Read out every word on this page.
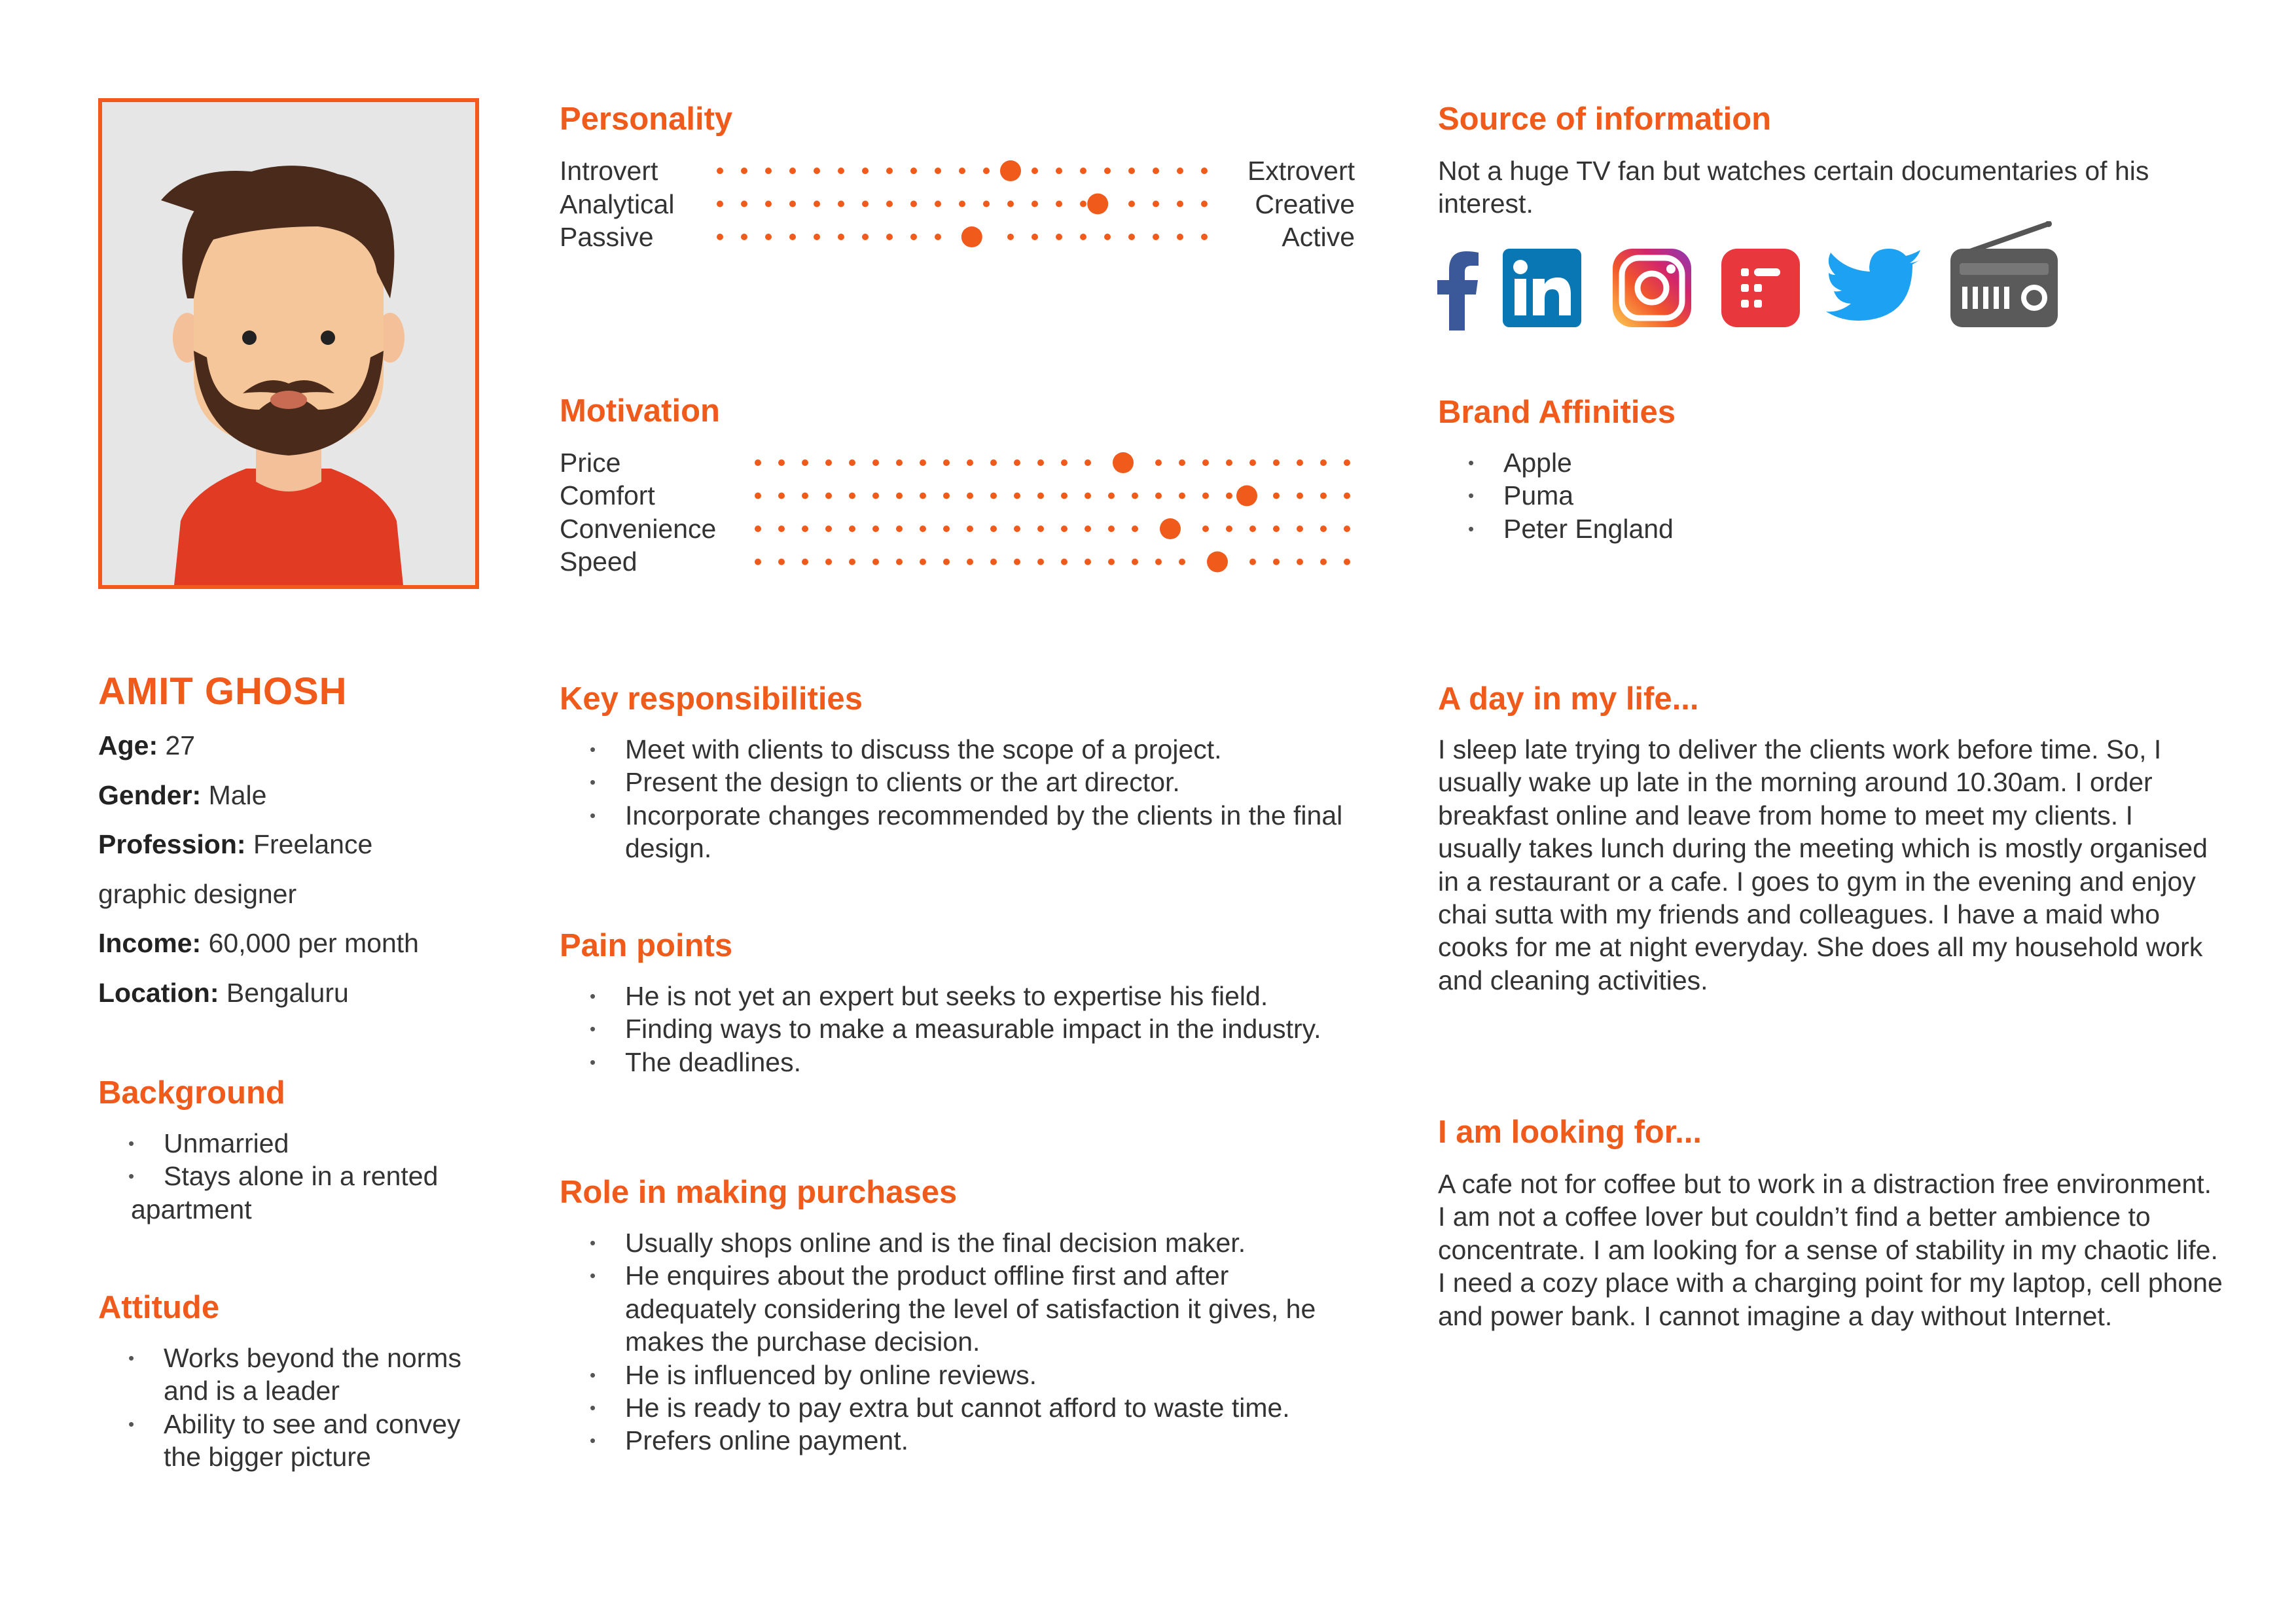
AMIT GHOSH
Age: 27
Gender: Male
Profession: Freelance
graphic designer
Income: 60,000 per month
Location: Bengaluru
Background
• Unmarried
• Stays alone in a rented
apartment
Attitude
• Works beyond the norms and is a leader
• Ability to see and convey the bigger picture
Personality
Introvert
Analytical
Passive
Extrovert
Creative
Active
Motivation
Price
Comfort
Convenience
Speed
Key responsibilities
• Meet with clients to discuss the scope of a project.
• Present the design to clients or the art director.
• Incorporate changes recommended by the clients in the final design.
Pain points
• He is not yet an expert but seeks to expertise his field.
• Finding ways to make a measurable impact in the industry.
• The deadlines.
Role in making purchases
• Usually shops online and is the final decision maker.
• He enquires about the product offline first and after adequately considering the level of satisfaction it gives, he makes the purchase decision.
• He is influenced by online reviews.
• He is ready to pay extra but cannot afford to waste time.
• Prefers online payment.
Source of information
Not a huge TV fan but watches certain documentaries of his interest.
Brand Affinities
• Apple
• Puma
• Peter England
A day in my life...
I sleep late trying to deliver the clients work before time. So, I usually wake up late in the morning around 10.30am. I order breakfast online and leave from home to meet my clients. I usually takes lunch during the meeting which is mostly organised in a restaurant or a cafe. I goes to gym in the evening and enjoy chai sutta with my friends and colleagues. I have a maid who cooks for me at night everyday. She does all my household work and cleaning activities.
I am looking for...
A cafe not for coffee but to work in a distraction free environment. I am not a coffee lover but couldn’t find a better ambience to concentrate. I am looking for a sense of stability in my chaotic life. I need a cozy place with a charging point for my laptop, cell phone and power bank. I cannot imagine a day without Internet.
